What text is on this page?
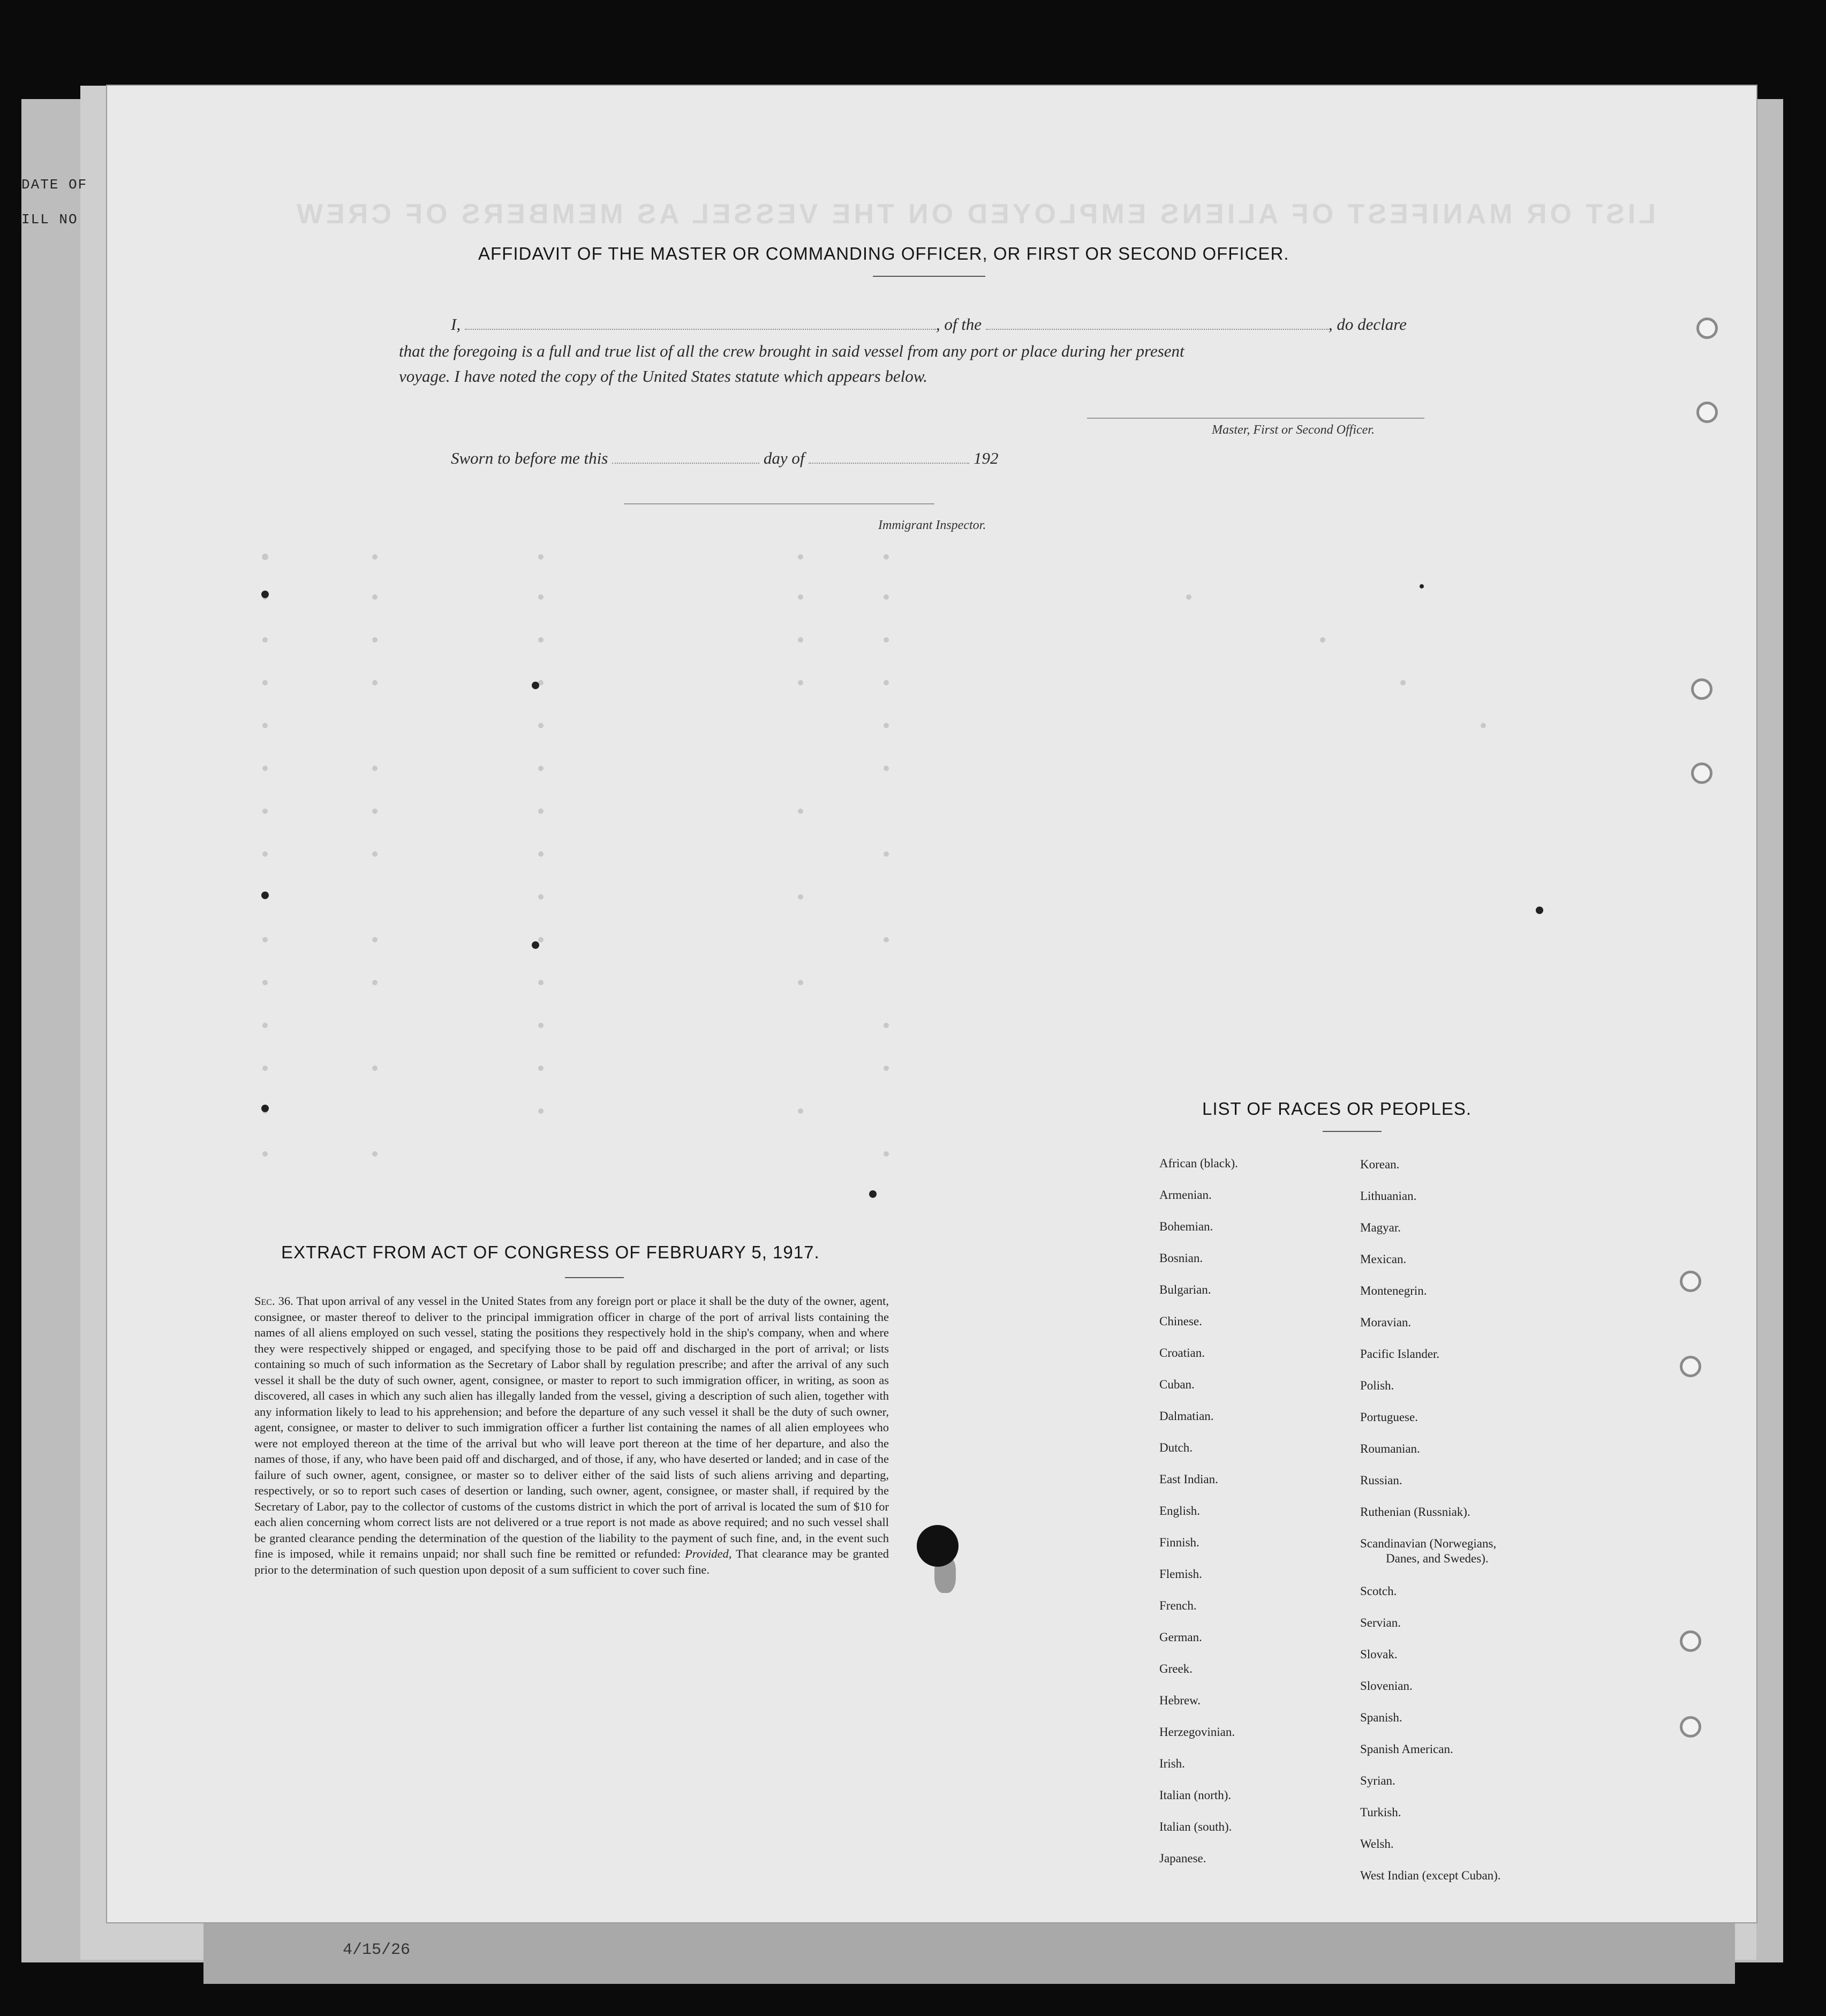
DATE OF
ILL NO
4/15/26
LIST OR MANIFEST OF ALIENS EMPLOYED ON THE VESSEL AS MEMBERS OF CREW
AFFIDAVIT OF THE MASTER OR COMMANDING OFFICER, OR FIRST OR SECOND OFFICER.
I,	, of the	, do declare
that the foregoing is a full and true list of all the crew brought in said vessel from any port or place during her present
voyage. I have noted the copy of the United States statute which appears below.
Master, First or Second Officer.
Sworn to before me this	day of	192
Immigrant Inspector.
EXTRACT FROM ACT OF CONGRESS OF FEBRUARY 5, 1917.
Sec. 36. That upon arrival of any vessel in the United States from any foreign port or place it shall be the duty of the owner, agent, consignee, or master thereof to deliver to the principal immigration officer in charge of the port of arrival lists containing the names of all aliens employed on such vessel, stating the positions they respectively hold in the ship's company, when and where they were respectively shipped or engaged, and specifying those to be paid off and discharged in the port of arrival; or lists containing so much of such information as the Secretary of Labor shall by regulation prescribe; and after the arrival of any such vessel it shall be the duty of such owner, agent, consignee, or master to report to such immigration officer, in writing, as soon as discovered, all cases in which any such alien has illegally landed from the vessel, giving a description of such alien, together with any information likely to lead to his apprehension; and before the departure of any such vessel it shall be the duty of such owner, agent, consignee, or master to deliver to such immigration officer a further list containing the names of all alien employees who were not employed thereon at the time of the arrival but who will leave port thereon at the time of her departure, and also the names of those, if any, who have been paid off and discharged, and of those, if any, who have deserted or landed; and in case of the failure of such owner, agent, consignee, or master so to deliver either of the said lists of such aliens arriving and departing, respectively, or so to report such cases of desertion or landing, such owner, agent, consignee, or master shall, if required by the Secretary of Labor, pay to the collector of customs of the customs district in which the port of arrival is located the sum of $10 for each alien concerning whom correct lists are not delivered or a true report is not made as above required; and no such vessel shall be granted clearance pending the determination of the question of the liability to the payment of such fine, and, in the event such fine is imposed, while it remains unpaid; nor shall such fine be remitted or refunded: Provided, That clearance may be granted prior to the determination of such question upon deposit of a sum sufficient to cover such fine.
LIST OF RACES OR PEOPLES.
African (black).
Armenian.
Bohemian.
Bosnian.
Bulgarian.
Chinese.
Croatian.
Cuban.
Dalmatian.
Dutch.
East Indian.
English.
Finnish.
Flemish.
French.
German.
Greek.
Hebrew.
Herzegovinian.
Irish.
Italian (north).
Italian (south).
Japanese.
Korean.
Lithuanian.
Magyar.
Mexican.
Montenegrin.
Moravian.
Pacific Islander.
Polish.
Portuguese.
Roumanian.
Russian.
Ruthenian (Russniak).
Scandinavian (Norwegians,
Danes, and Swedes).
Scotch.
Servian.
Slovak.
Slovenian.
Spanish.
Spanish American.
Syrian.
Turkish.
Welsh.
West Indian (except Cuban).
